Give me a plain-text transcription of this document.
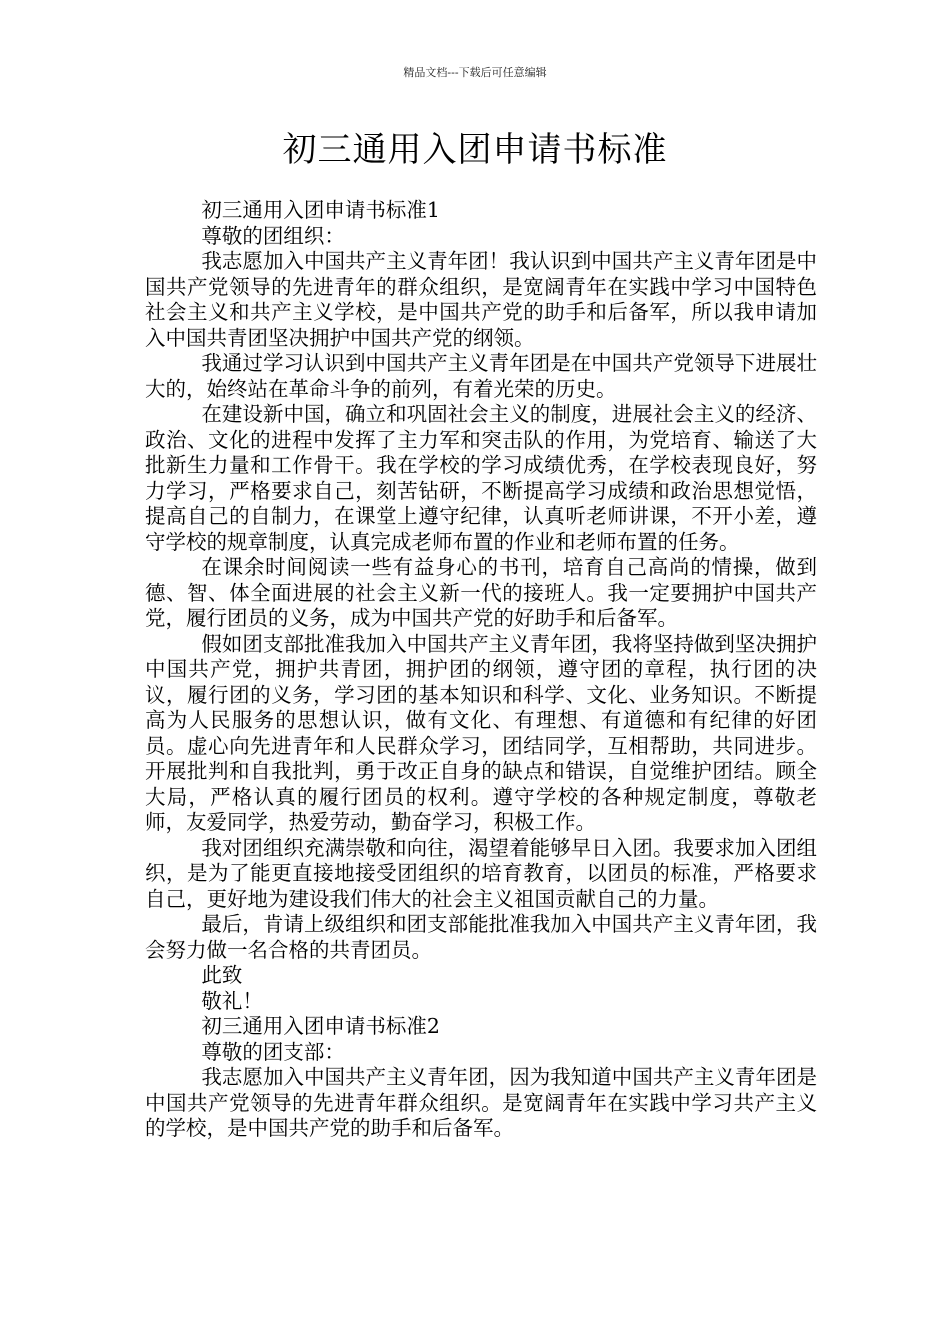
精品文档---下载后可任意编辑
初三通用入团申请书标准

初三通用入团申请书标准1

尊敬的团组织：

我志愿加入中国共产主义青年团！我认识到中国共产主义青年团是中国共产党领导的先进青年的群众组织，是宽阔青年在实践中学习中国特色社会主义和共产主义学校，是中国共产党的助手和后备军，所以我申请加入中国共青团坚决拥护中国共产党的纲领。

我通过学习认识到中国共产主义青年团是在中国共产党领导下进展壮大的，始终站在革命斗争的前列，有着光荣的历史。

在建设新中国，确立和巩固社会主义的制度，进展社会主义的经济、政治、文化的进程中发挥了主力军和突击队的作用，为党培育、输送了大批新生力量和工作骨干。我在学校的学习成绩优秀，在学校表现良好，努力学习，严格要求自己，刻苦钻研，不断提高学习成绩和政治思想觉悟，提高自己的自制力，在课堂上遵守纪律，认真听老师讲课，不开小差，遵守学校的规章制度，认真完成老师布置的作业和老师布置的任务。

在课余时间阅读一些有益身心的书刊，培育自己高尚的情操，做到德、智、体全面进展的社会主义新一代的接班人。我一定要拥护中国共产党，履行团员的义务，成为中国共产党的好助手和后备军。

假如团支部批准我加入中国共产主义青年团，我将坚持做到坚决拥护中国共产党，拥护共青团，拥护团的纲领，遵守团的章程，执行团的决议，履行团的义务，学习团的基本知识和科学、文化、业务知识。不断提高为人民服务的思想认识，做有文化、有理想、有道德和有纪律的好团员。虚心向先进青年和人民群众学习，团结同学，互相帮助，共同进步。开展批判和自我批判，勇于改正自身的缺点和错误，自觉维护团结。顾全大局，严格认真的履行团员的权利。遵守学校的各种规定制度，尊敬老师，友爱同学，热爱劳动，勤奋学习，积极工作。

我对团组织充满崇敬和向往，渴望着能够早日入团。我要求加入团组织，是为了能更直接地接受团组织的培育教育，以团员的标准，严格要求自己，更好地为建设我们伟大的社会主义祖国贡献自己的力量。

最后，肯请上级组织和团支部能批准我加入中国共产主义青年团，我会努力做一名合格的共青团员。

此致

敬礼！

初三通用入团申请书标准2

尊敬的团支部：

我志愿加入中国共产主义青年团，因为我知道中国共产主义青年团是中国共产党领导的先进青年群众组织。是宽阔青年在实践中学习共产主义的学校，是中国共产党的助手和后备军。
